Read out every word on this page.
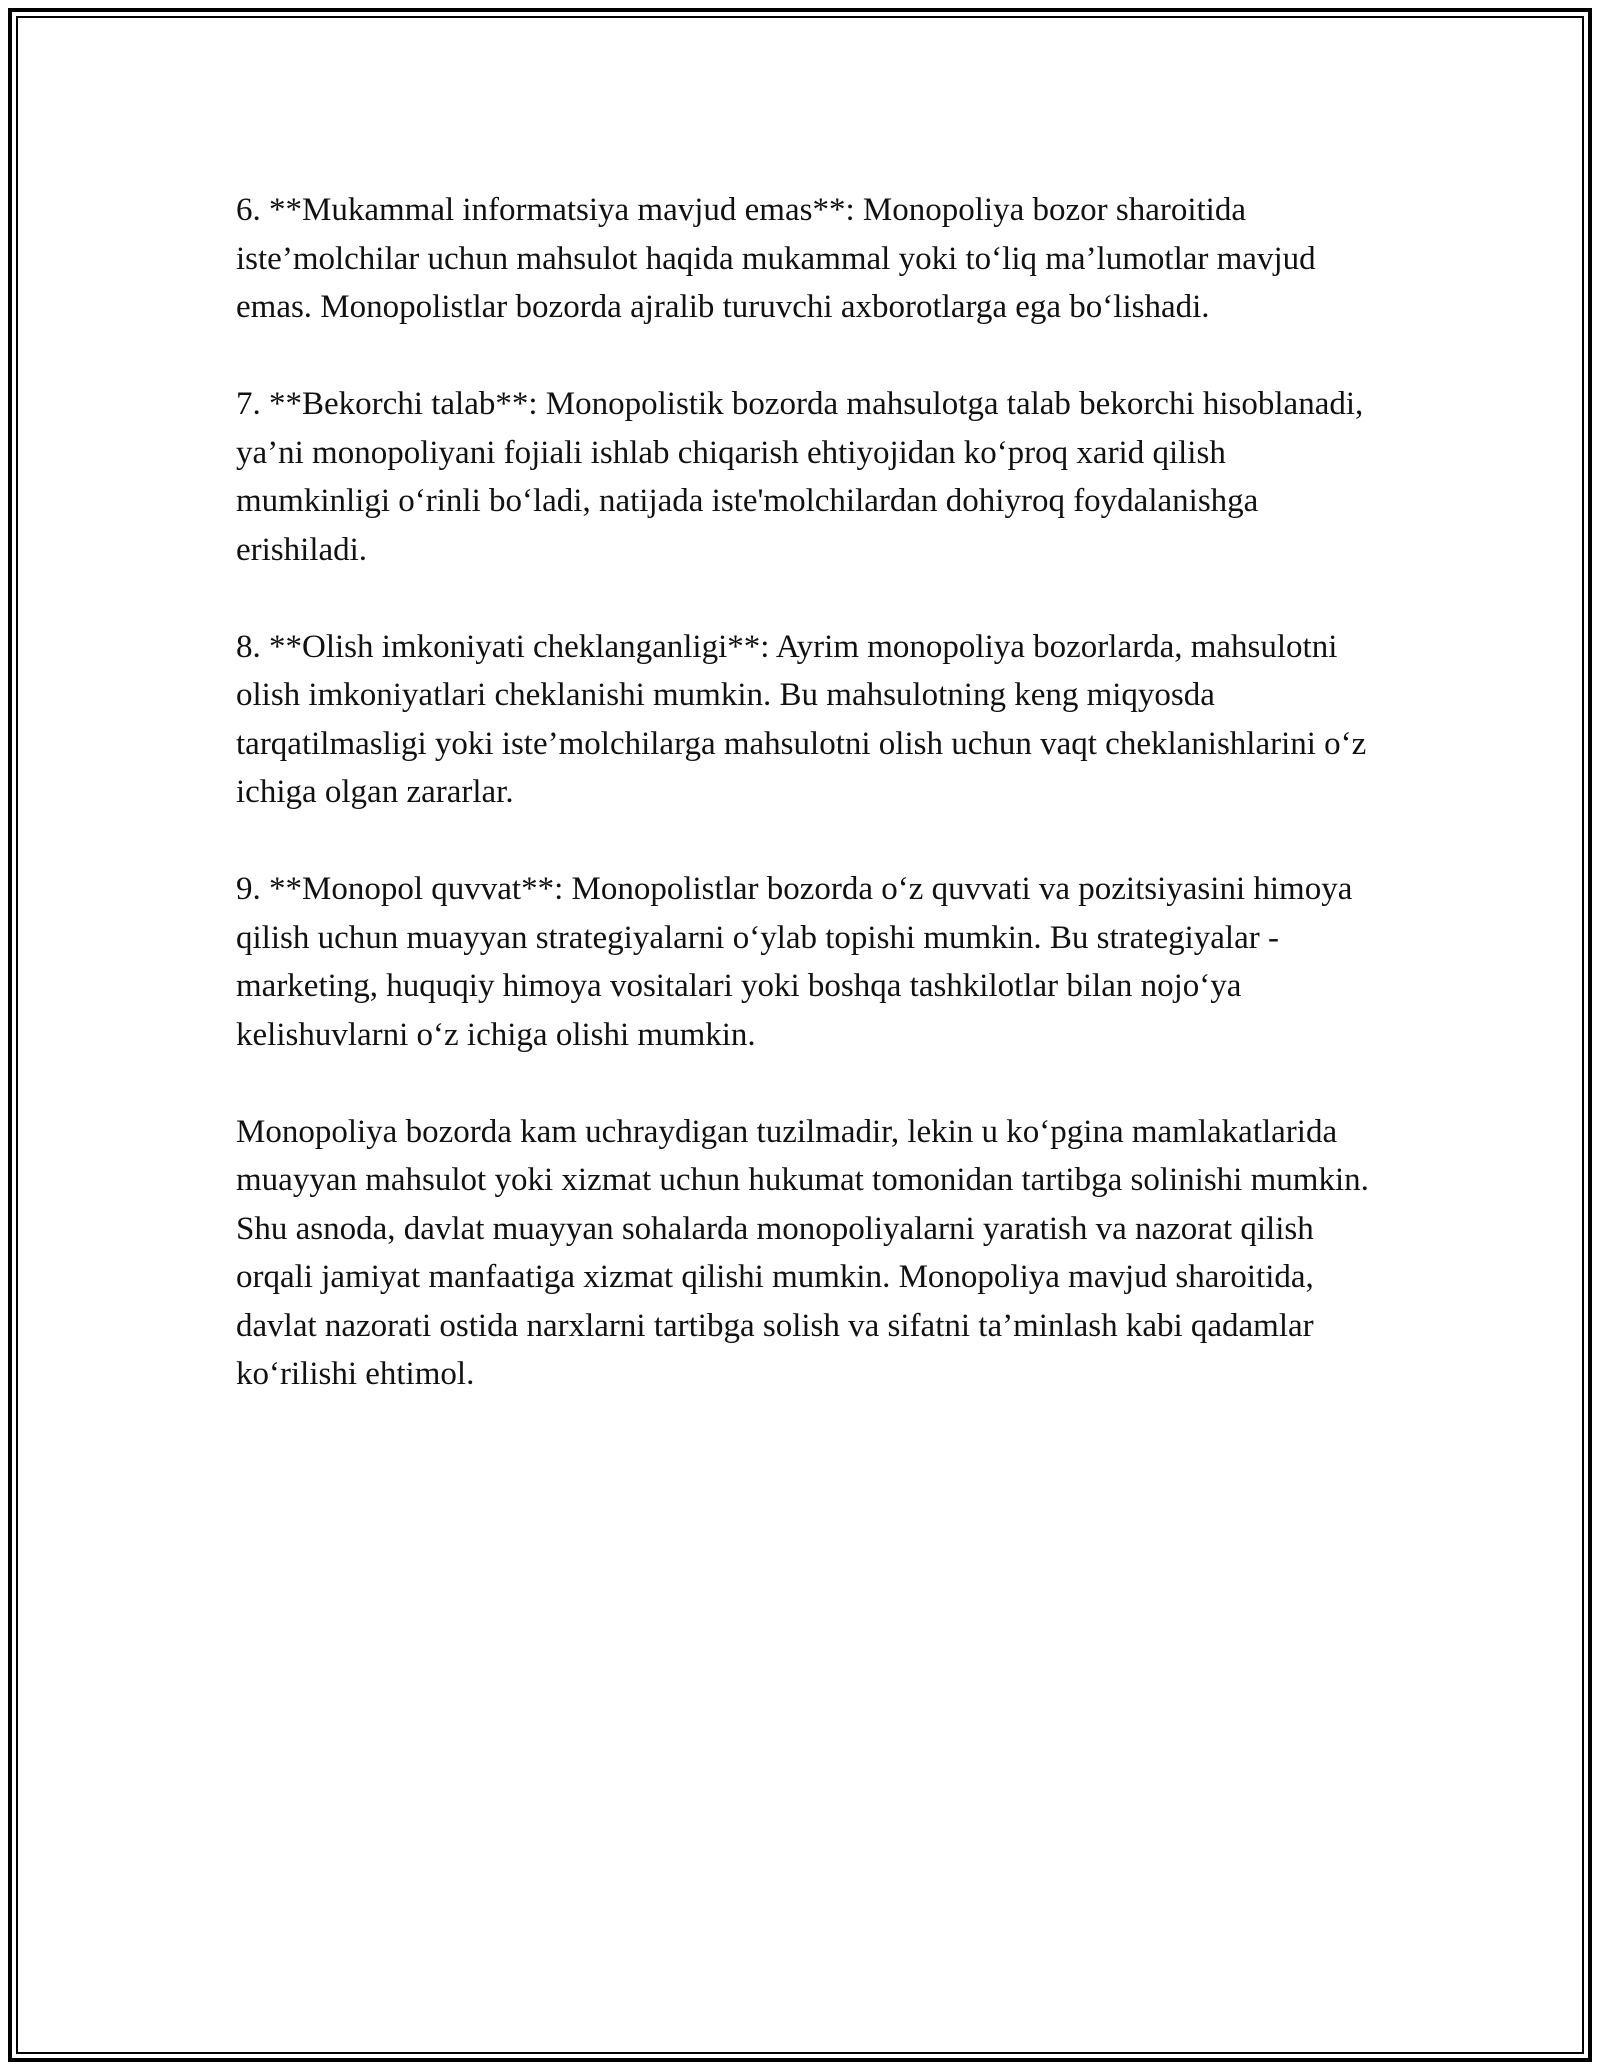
6. **Mukammal informatsiya mavjud emas**: Monopoliya bozor sharoitida iste’molchilar uchun mahsulot haqida mukammal yoki to‘liq ma’lumotlar mavjud emas. Monopolistlar bozorda ajralib turuvchi axborotlarga ega bo‘lishadi.

7. **Bekorchi talab**: Monopolistik bozorda mahsulotga talab bekorchi hisoblanadi, ya’ni monopoliyani fojiali ishlab chiqarish ehtiyojidan ko‘proq xarid qilish mumkinligi o‘rinli bo‘ladi, natijada iste'molchilardan dohiyroq foydalanishga erishiladi.

8. **Olish imkoniyati cheklanganligi**: Ayrim monopoliya bozorlarda, mahsulotni olish imkoniyatlari cheklanishi mumkin. Bu mahsulotning keng miqyosda tarqatilmasligi yoki iste’molchilarga mahsulotni olish uchun vaqt cheklanishlarini o‘z ichiga olgan zararlar.

9. **Monopol quvvat**: Monopolistlar bozorda o‘z quvvati va pozitsiyasini himoya qilish uchun muayyan strategiyalarni o‘ylab topishi mumkin. Bu strategiyalar - marketing, huquqiy himoya vositalari yoki boshqa tashkilotlar bilan nojo‘ya kelishuvlarni o‘z ichiga olishi mumkin.

Monopoliya bozorda kam uchraydigan tuzilmadir, lekin u ko‘pgina mamlakatlarida muayyan mahsulot yoki xizmat uchun hukumat tomonidan tartibga solinishi mumkin. Shu asnoda, davlat muayyan sohalarda monopoliyalarni yaratish va nazorat qilish orqali jamiyat manfaatiga xizmat qilishi mumkin. Monopoliya mavjud sharoitida, davlat nazorati ostida narxlarni tartibga solish va sifatni ta’minlash kabi qadamlar ko‘rilishi ehtimol.
